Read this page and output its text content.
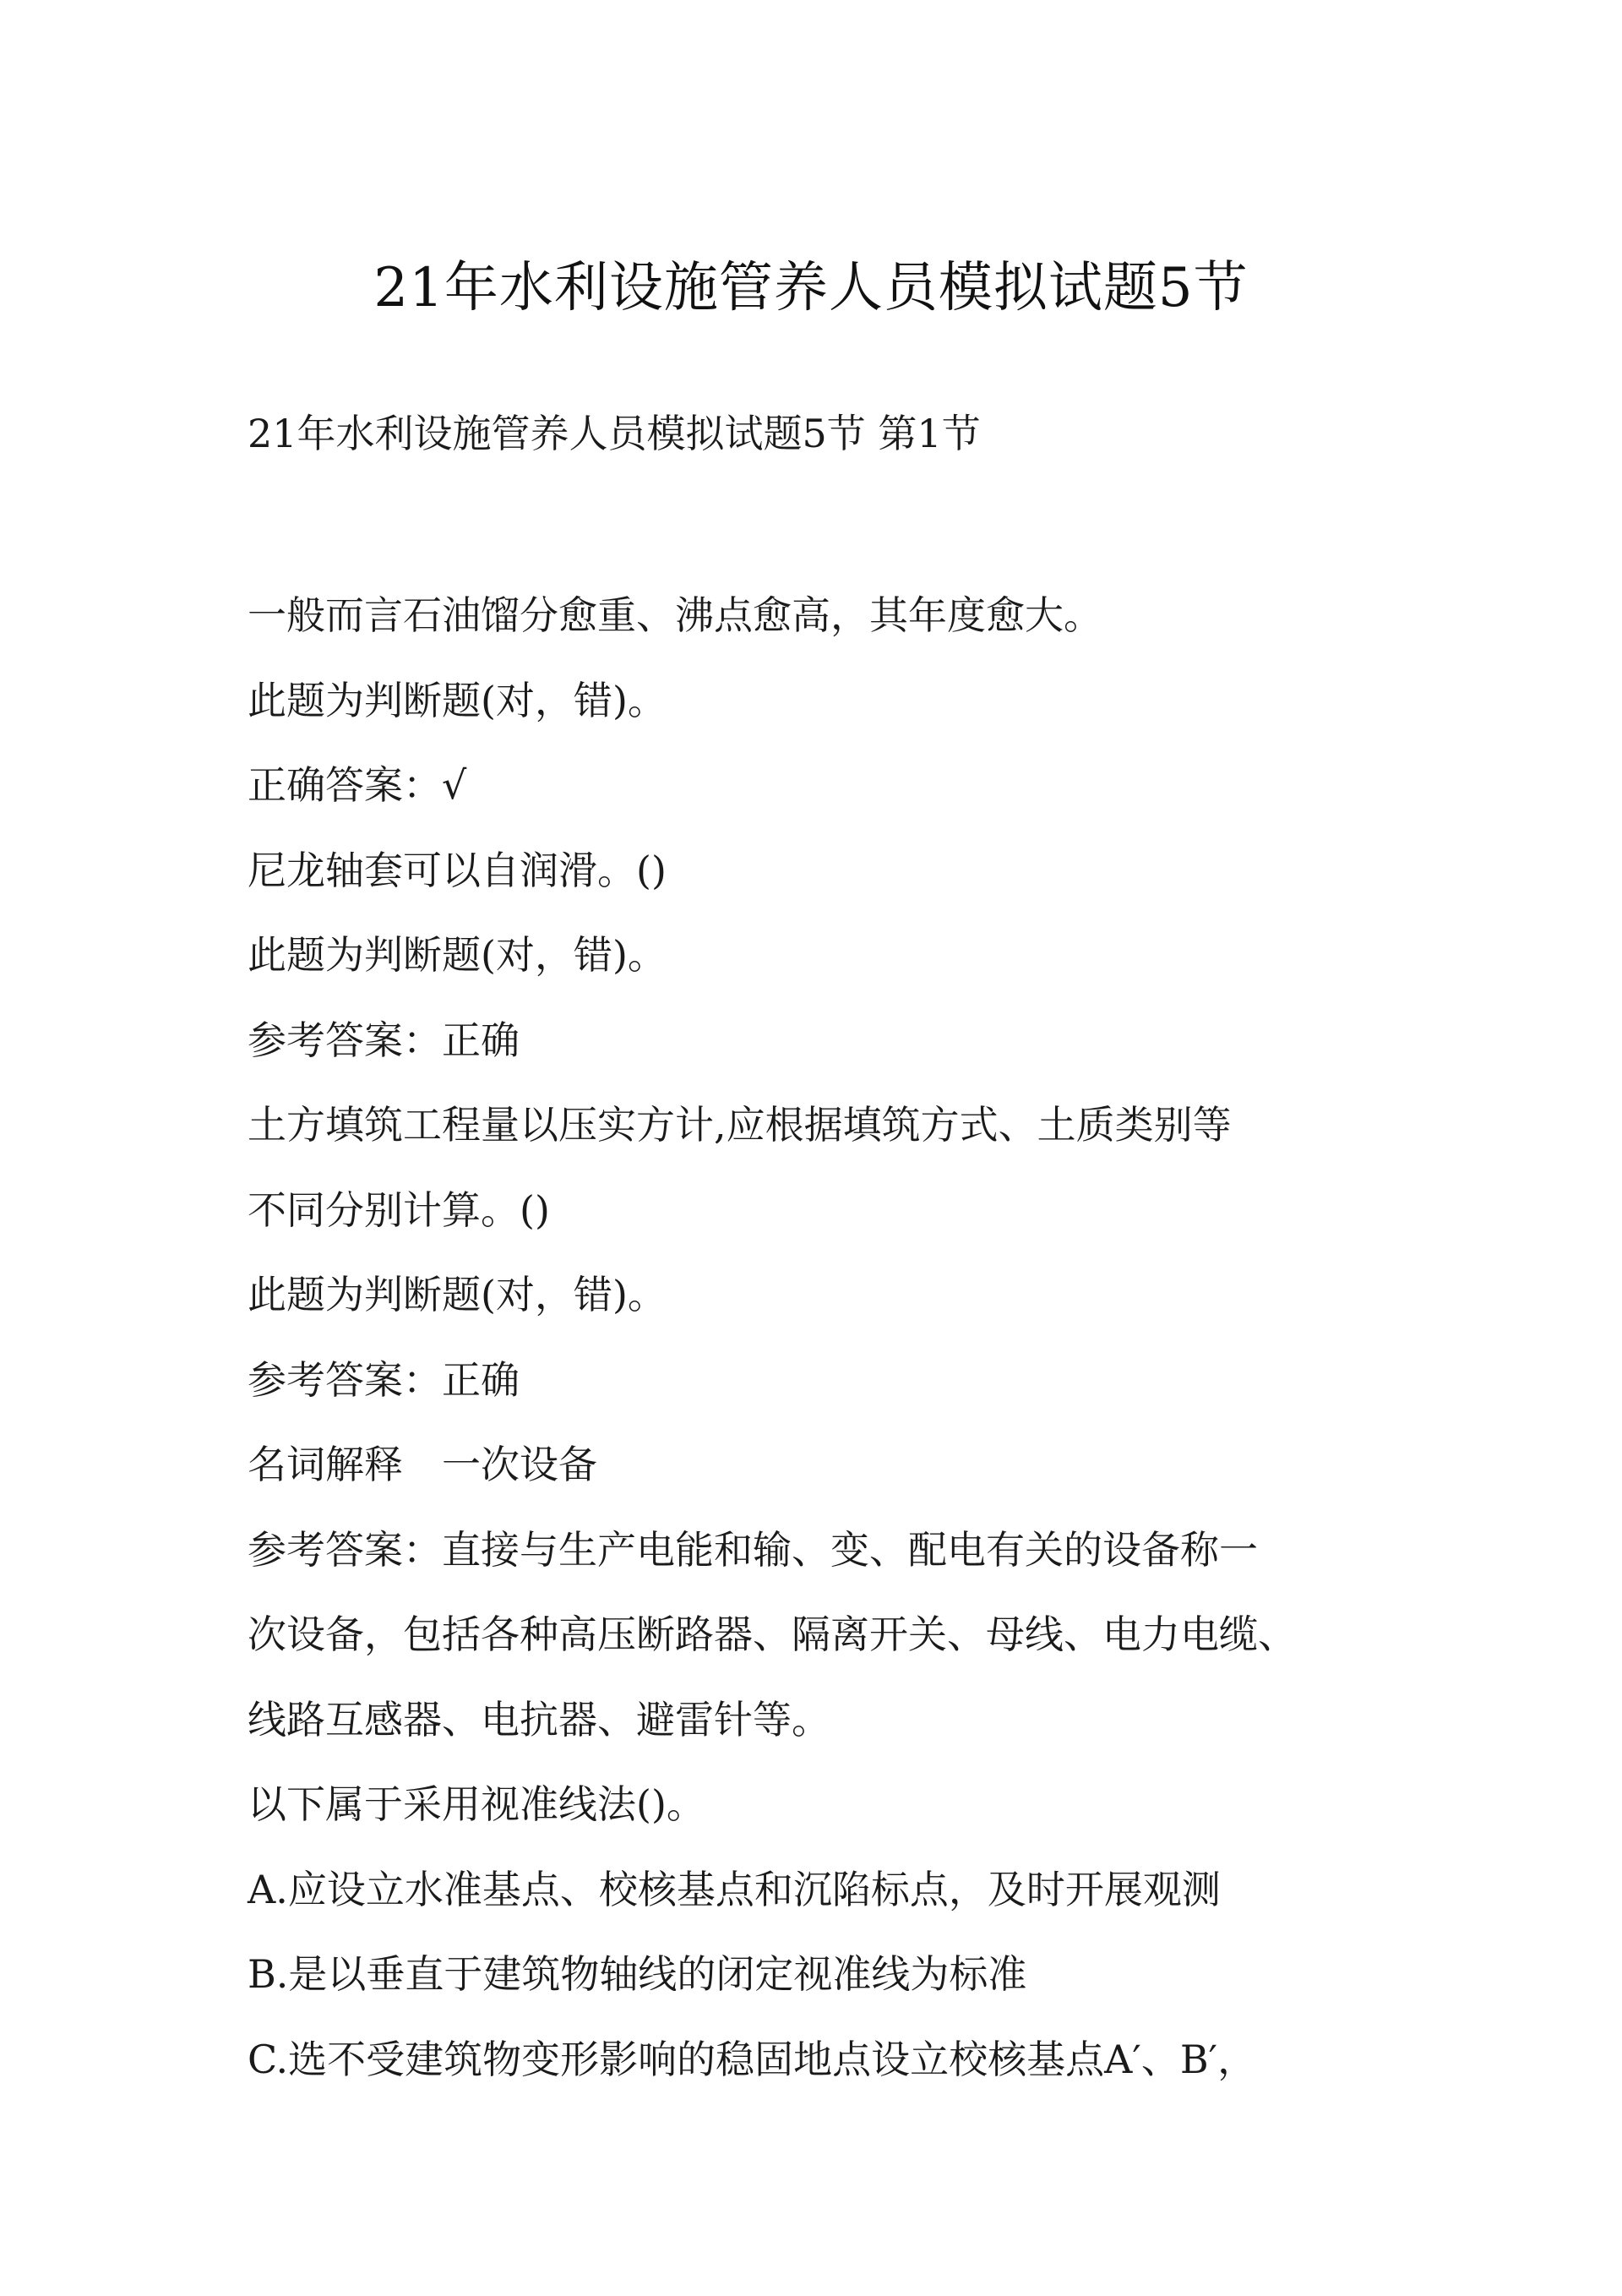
21年水利设施管养人员模拟试题5节
21年水利设施管养人员模拟试题5节 第1节
一般而言石油馏分愈重、沸点愈高，其年度愈大。
此题为判断题(对，错)。
正确答案：√
尼龙轴套可以自润滑。()
此题为判断题(对，错)。
参考答案：正确
土方填筑工程量以压实方计,应根据填筑方式、土质类别等
不同分别计算。()
此题为判断题(对，错)。
参考答案：正确
名词解释　一次设备
参考答案：直接与生产电能和输、变、配电有关的设备称一
次设备，包括各种高压断路器、隔离开关、母线、电力电缆、
线路互感器、电抗器、避雷针等。
以下属于采用视准线法()。
A.应设立水准基点、校核基点和沉陷标点，及时开展观测
B.是以垂直于建筑物轴线的闭定视准线为标准
C.选不受建筑物变形影响的稳固地点设立校核基点A′、B′，
